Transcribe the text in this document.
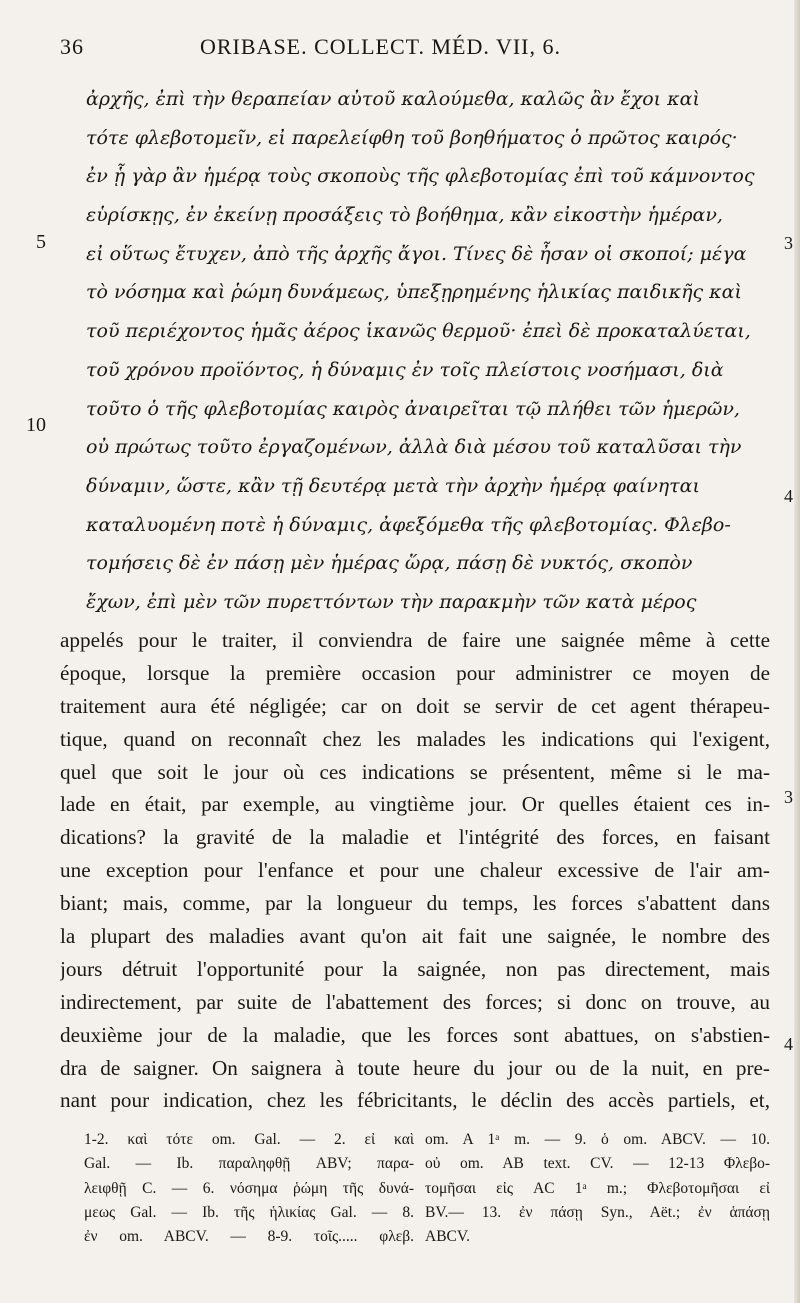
36	ORIBASE. COLLECT. MÉD. VII, 6.
ἀρχῆς, ἐπὶ τὴν θεραπείαν αὐτοῦ καλούμεθα, καλῶς ἂν ἔχοι καὶ
τότε φλεβοτομεῖν, εἰ παρελείφθη τοῦ βοηθήματος ὁ πρῶτος καιρός·
ἐν ᾗ γὰρ ἂν ἡμέρᾳ τοὺς σκοποὺς τῆς φλεβοτομίας ἐπὶ τοῦ κάμνοντος
εὑρίσκῃς, ἐν ἐκείνῃ προσάξεις τὸ βοήθημα, κἂν εἰκοστὴν ἡμέραν,
εἰ οὕτως ἔτυχεν, ἀπὸ τῆς ἀρχῆς ἄγοι. Τίνες δὲ ἦσαν οἱ σκοποί; μέγα
τὸ νόσημα καὶ ῥώμη δυνάμεως, ὑπεξῃρημένης ἡλικίας παιδικῆς καὶ
τοῦ περιέχοντος ἡμᾶς ἀέρος ἱκανῶς θερμοῦ· ἐπεὶ δὲ προκαταλύεται,
τοῦ χρόνου προϊόντος, ἡ δύναμις ἐν τοῖς πλείστοις νοσήμασι, διὰ
τοῦτο ὁ τῆς φλεβοτομίας καιρὸς ἀναιρεῖται τῷ πλήθει τῶν ἡμερῶν,
οὐ πρώτως τοῦτο ἐργαζομένων, ἀλλὰ διὰ μέσου τοῦ καταλῦσαι τὴν
δύναμιν, ὥστε, κἂν τῇ δευτέρᾳ μετὰ τὴν ἀρχὴν ἡμέρᾳ φαίνηται
καταλυομένη ποτὲ ἡ δύναμις, ἀφεξόμεθα τῆς φλεβοτομίας. Φλεβο-
τομήσεις δὲ ἐν πάσῃ μὲν ἡμέρας ὥρᾳ, πάσῃ δὲ νυκτός, σκοπὸν
ἔχων, ἐπὶ μὲν τῶν πυρεττόντων τὴν παρακμὴν τῶν κατὰ μέρος
5
10
3
4
appelés pour le traiter, il conviendra de faire une saignée même à cette
époque, lorsque la première occasion pour administrer ce moyen de
traitement aura été négligée; car on doit se servir de cet agent thérapeu-
tique, quand on reconnaît chez les malades les indications qui l'exigent,
quel que soit le jour où ces indications se présentent, même si le ma-
lade en était, par exemple, au vingtième jour. Or quelles étaient ces in-
dications? la gravité de la maladie et l'intégrité des forces, en faisant
une exception pour l'enfance et pour une chaleur excessive de l'air am-
biant; mais, comme, par la longueur du temps, les forces s'abattent dans
la plupart des maladies avant qu'on ait fait une saignée, le nombre des
jours détruit l'opportunité pour la saignée, non pas directement, mais
indirectement, par suite de l'abattement des forces; si donc on trouve, au
deuxième jour de la maladie, que les forces sont abattues, on s'abstien-
dra de saigner. On saignera à toute heure du jour ou de la nuit, en pre-
nant pour indication, chez les fébricitants, le déclin des accès partiels, et,
3
4
1-2. καὶ τότε om. Gal. — 2. εἰ καὶ
Gal. — Ib. παραληφθῇ ABV; παρα-
λειφθῇ C. — 6. νόσημα ῥώμη τῆς δυνά-
μεως Gal. — Ib. τῆς ἡλικίας Gal. — 8.
ἐν om. ABCV. — 8-9. τοῖς..... φλεβ.
om. A 1ᵃ m. — 9. ὁ om. ABCV. — 10.
οὐ om. AB text. CV. — 12-13 Φλεβο-
τομῆσαι εἰς AC 1ᵃ m.; Φλεβοτομῆσαι εἰ
BV.— 13. ἐν πάσῃ Syn., Aët.; ἐν ἁπάσῃ
ABCV.
